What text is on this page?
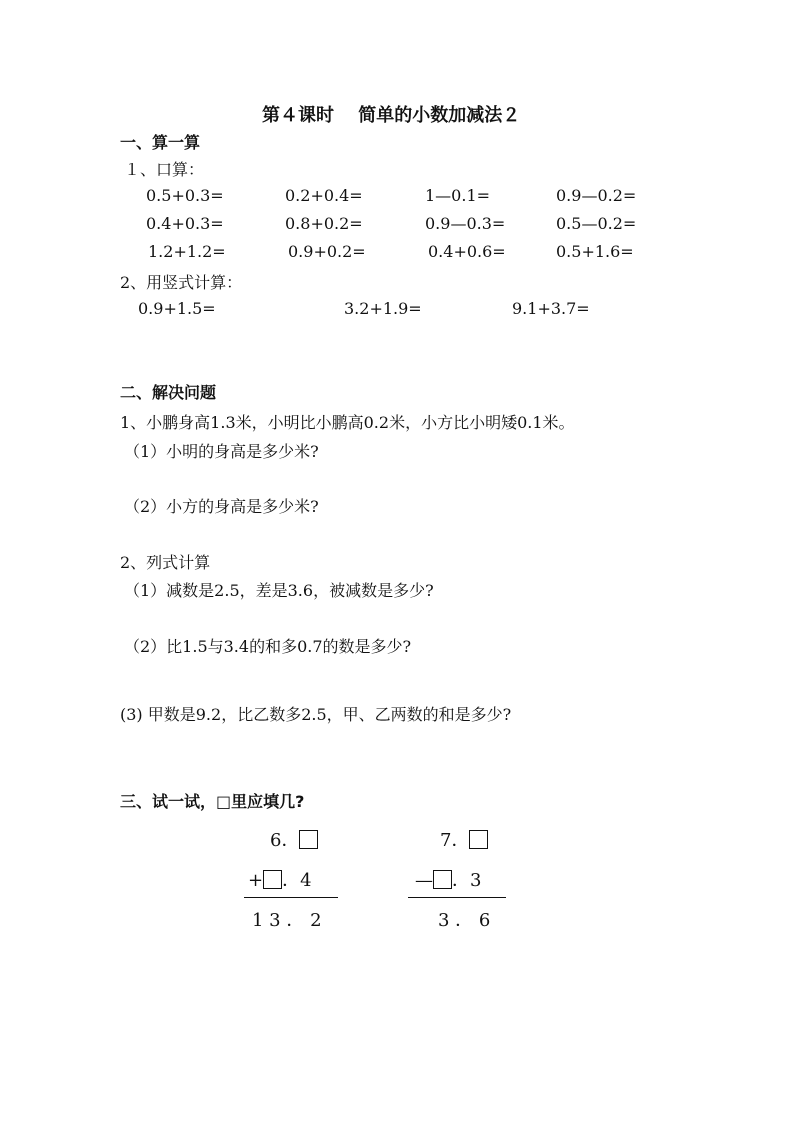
第４课时　 简单的小数加减法２
一、算一算
１、口算：
0.5+0.3=	0.2+0.4=	1—0.1=	0.9—0.2=
0.4+0.3=	0.8+0.2=	0.9—0.3=	0.5—0.2=
1.2+1.2=	0.9+0.2=	0.4+0.6=	0.5+1.6=
2、用竖式计算：
0.9+1.5=	3.2+1.9=	9.1+3.7=
二、解决问题
1、小鹏身高1.3米，小明比小鹏高0.2米，小方比小明矮0.1米。
（1）小明的身高是多少米?
（2）小方的身高是多少米?
2、列式计算
（1）减数是2.5，差是3.6，被减数是多少?
（2）比1.5与3.4的和多0.7的数是多少?
(3) 甲数是9.2，比乙数多2.5，甲、乙两数的和是多少?
三、试一试，□里应填几?
6．
+ ．4
1 3 ． 2
7．
— ．3
3 ． 6
